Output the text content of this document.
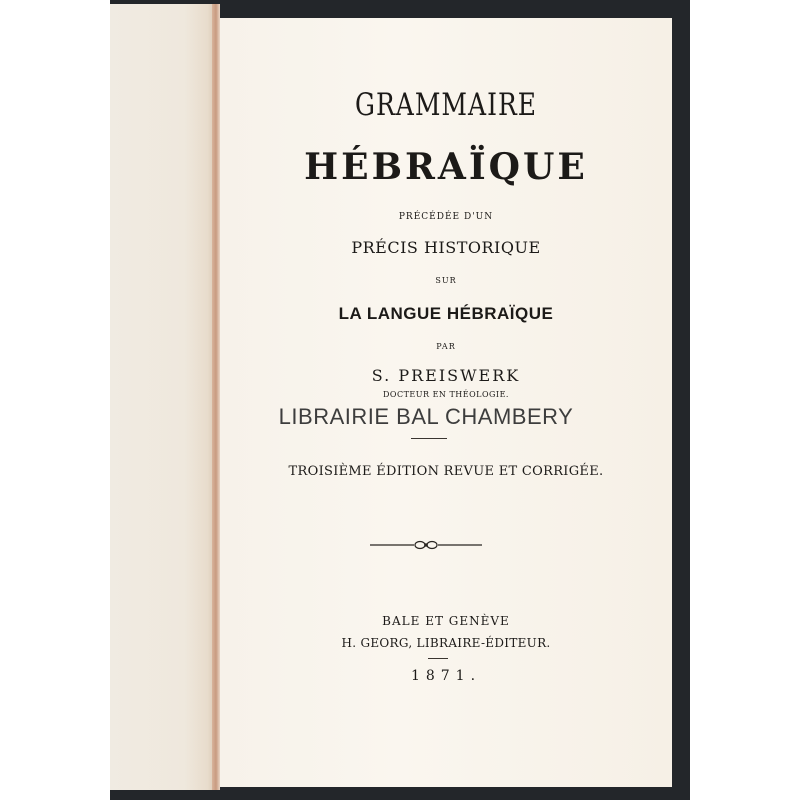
GRAMMAIRE
HÉBRAÏQUE
PRÉCÉDÉE D'UN
PRÉCIS HISTORIQUE
SUR
LA LANGUE HÉBRAÏQUE
PAR
S. PREISWERK
DOCTEUR EN THÉOLOGIE.
LIBRAIRIE BAL CHAMBERY
TROISIÈME ÉDITION REVUE ET CORRIGÉE.
BALE ET GENÈVE
H. GEORG, LIBRAIRE-ÉDITEUR.
1871.
